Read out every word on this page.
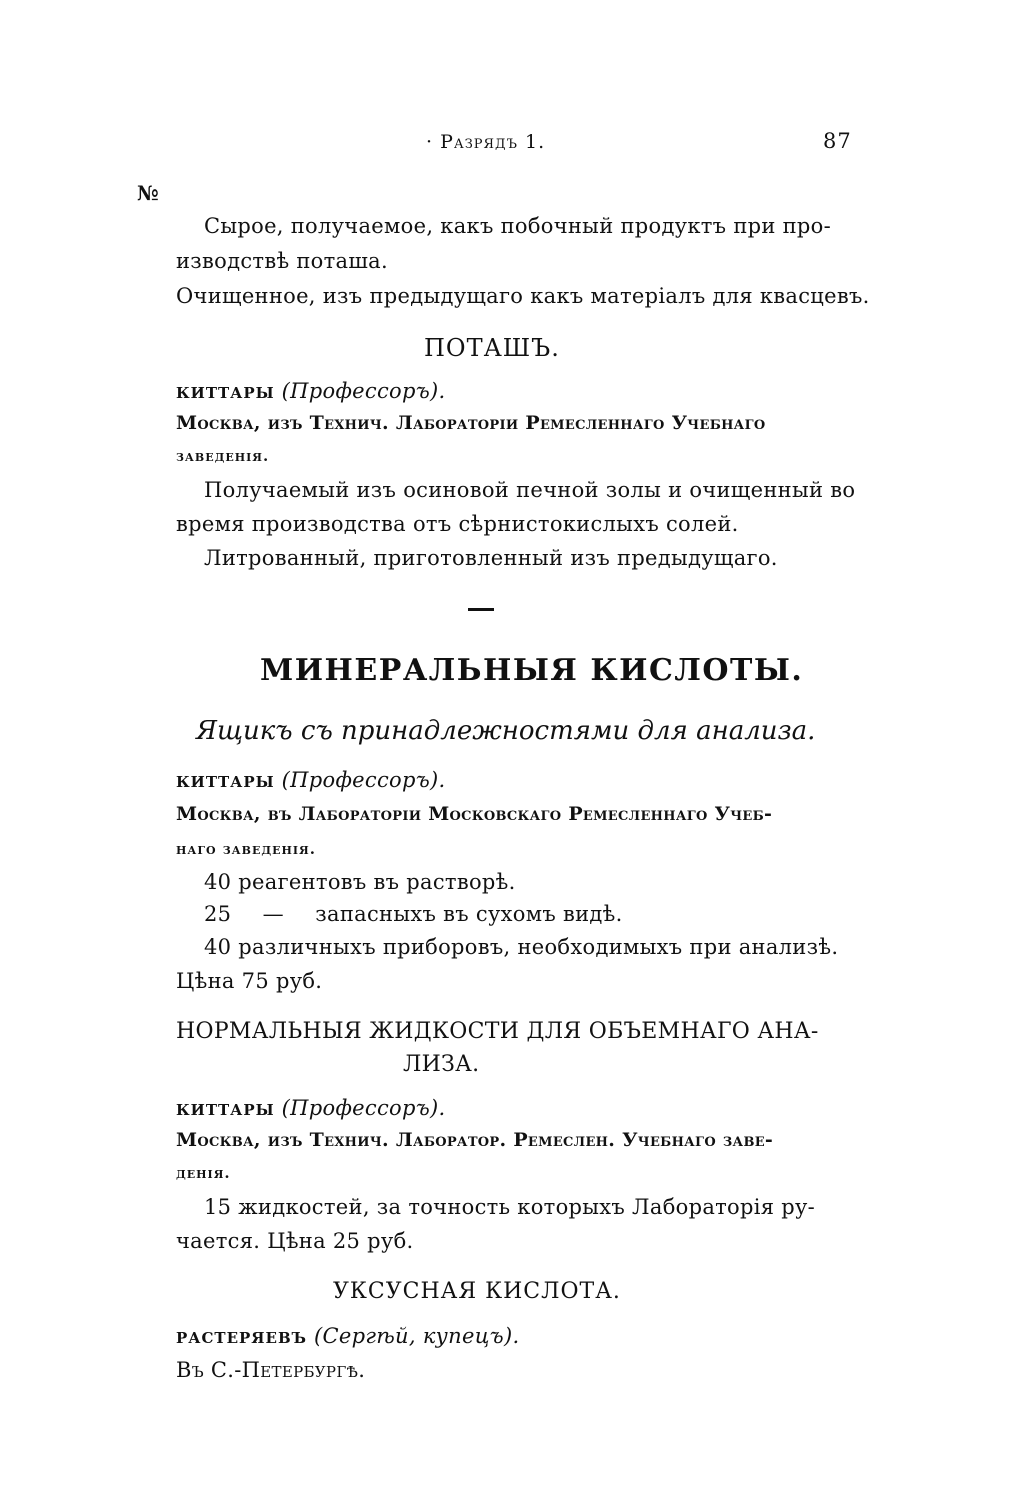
· Разрядъ 1.	87
№
Сырое, получаемое, какъ побочный продуктъ при про-
изводствѣ поташа.
Очищенное, изъ предыдущаго какъ матеріалъ для квасцевъ.
ПОТАШЪ.
КИТТАРЫ (Профессоръ).
Москва, изъ Технич. Лабораторіи Ремесленнаго Учебнаго
заведенія.
Получаемый изъ осиновой печной золы и очищенный во
время производства отъ сѣрнистокислыхъ солей.
Литрованный, приготовленный изъ предыдущаго.
МИНЕРАЛЬНЫЯ КИСЛОТЫ.
Ящикъ съ принадлежностями для анализа.
КИТТАРЫ (Профессоръ).
Москва, въ Лабораторіи Московскаго Ремесленнаго Учеб-
наго заведенія.
40 реагентовъ въ растворѣ.
25 — запасныхъ въ сухомъ видѣ.
40 различныхъ приборовъ, необходимыхъ при анализѣ.
Цѣна 75 руб.
НОРМАЛЬНЫЯ ЖИДКОСТИ ДЛЯ ОБЪЕМНАГО АНА-
ЛИЗА.
КИТТАРЫ (Профессоръ).
Москва, изъ Технич. Лаборатор. Ремеслен. Учебнаго заве-
денія.
15 жидкостей, за точность которыхъ Лабораторія ру-
чается. Цѣна 25 руб.
УКСУСНАЯ КИСЛОТА.
РАСТЕРЯЕВЪ (Сергѣй, купецъ).
Въ С.-Петербургѣ.
